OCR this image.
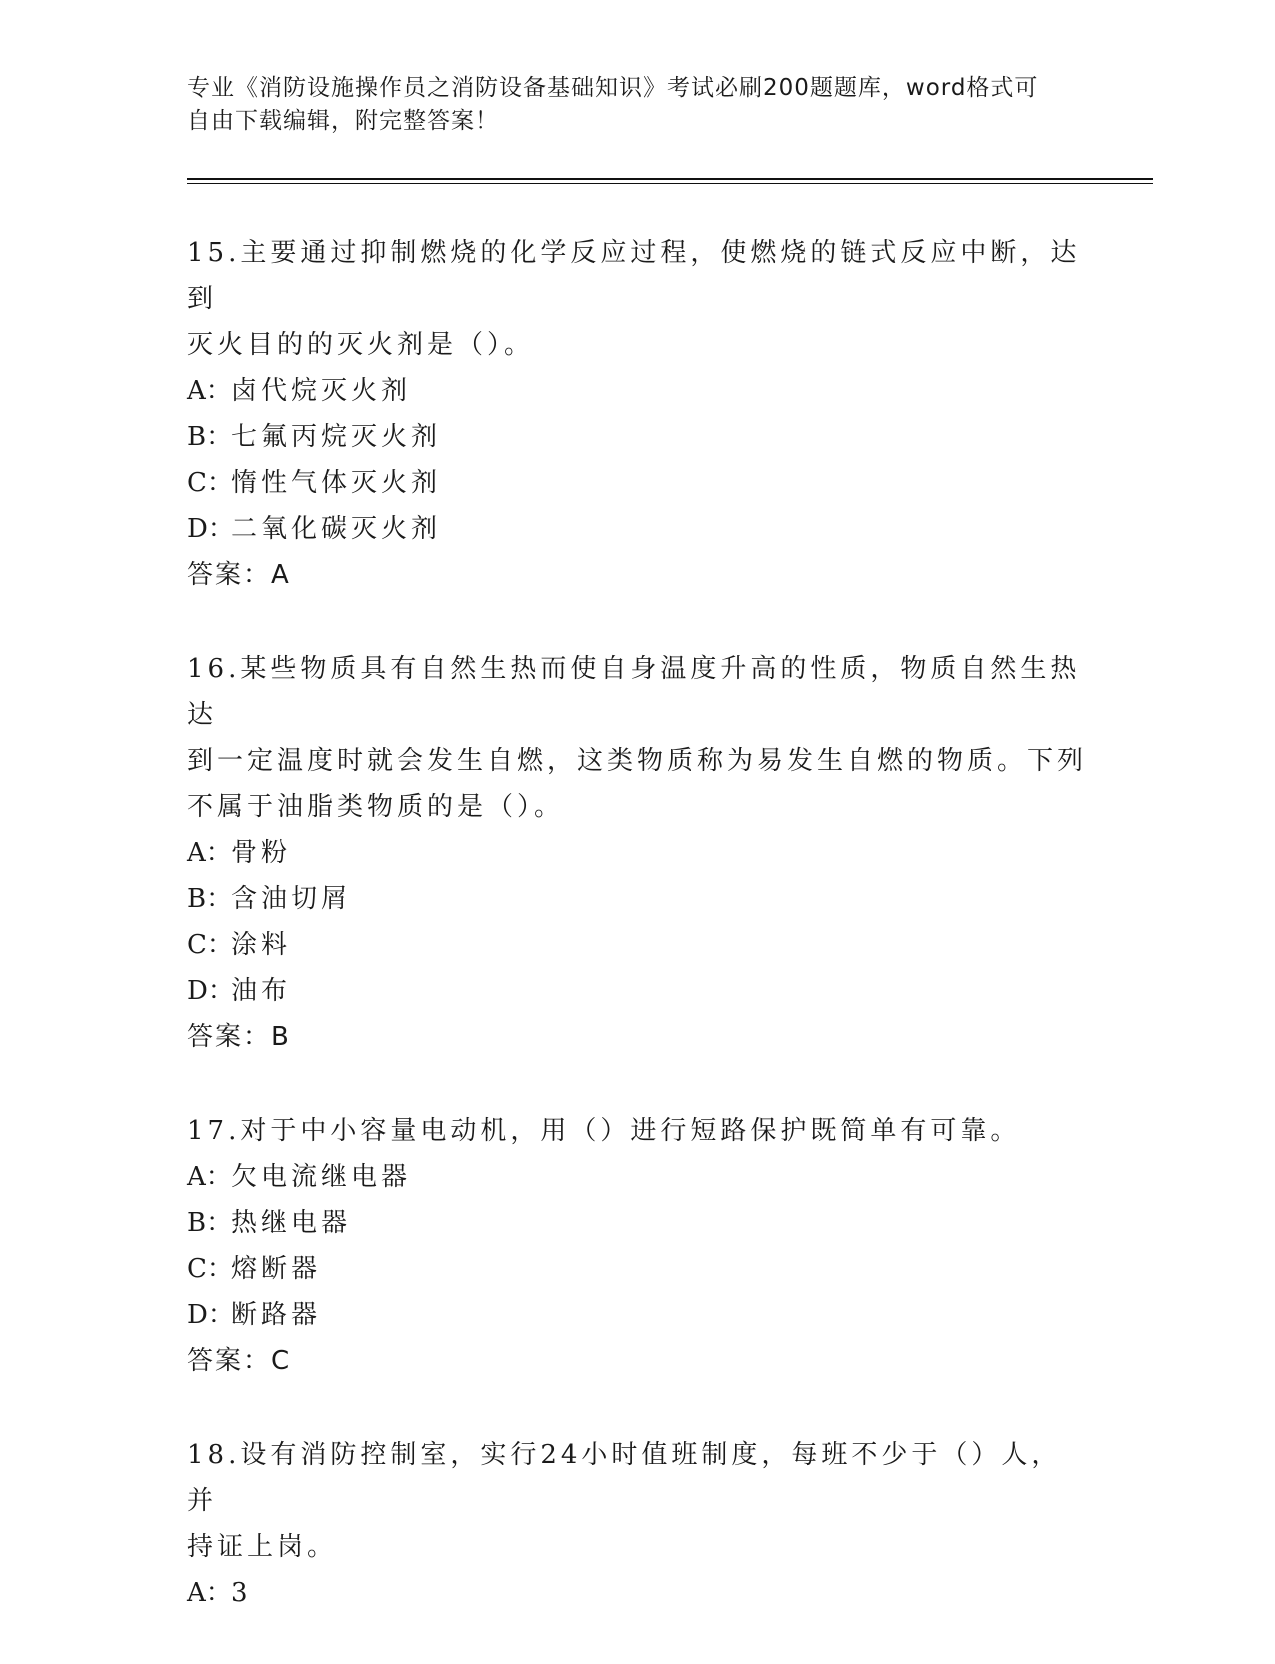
专业《消防设施操作员之消防设备基础知识》考试必刷200题题库，word格式可
自由下载编辑，附完整答案！
15.主要通过抑制燃烧的化学反应过程，使燃烧的链式反应中断，达到
灭火目的的灭火剂是（）。
A：卤代烷灭火剂
B：七氟丙烷灭火剂
C：惰性气体灭火剂
D：二氧化碳灭火剂
答案：A
16.某些物质具有自然生热而使自身温度升高的性质，物质自然生热达
到一定温度时就会发生自燃，这类物质称为易发生自燃的物质。下列
不属于油脂类物质的是（）。
A：骨粉
B：含油切屑
C：涂料
D：油布
答案：B
17.对于中小容量电动机，用（）进行短路保护既简单有可靠。
A：欠电流继电器
B：热继电器
C：熔断器
D：断路器
答案：C
18.设有消防控制室，实行24小时值班制度，每班不少于（）人，并
持证上岗。
A：3
